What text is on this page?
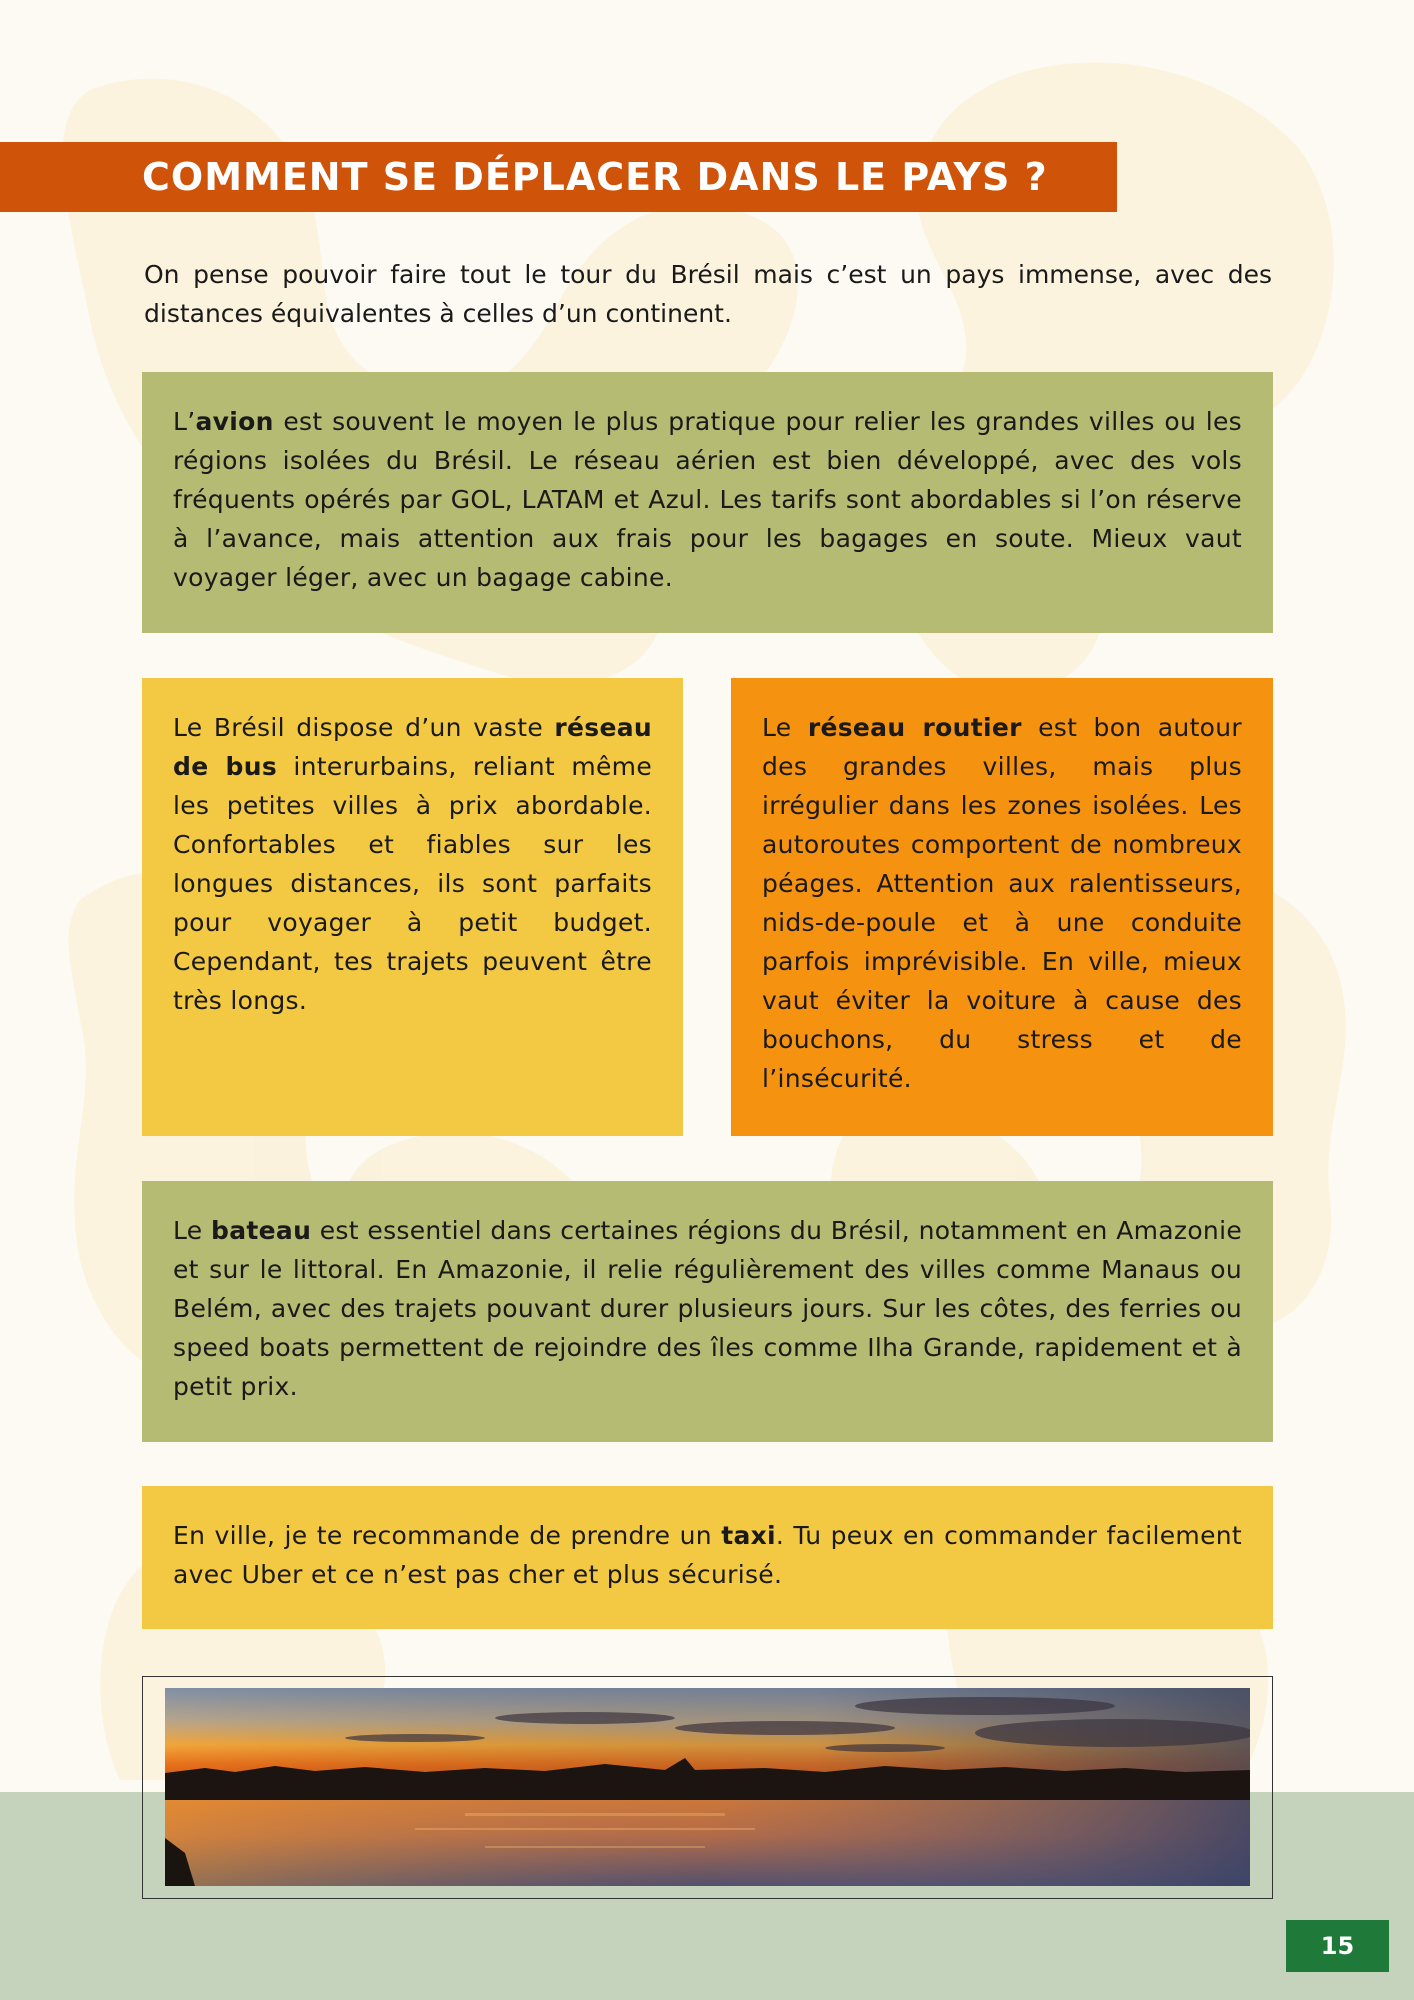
COMMENT SE DÉPLACER DANS LE PAYS ?
On pense pouvoir faire tout le tour du Brésil mais c’est un pays immense, avec des distances équivalentes à celles d’un continent.

L’avion est souvent le moyen le plus pratique pour relier les grandes villes ou les régions isolées du Brésil. Le réseau aérien est bien développé, avec des vols fréquents opérés par GOL, LATAM et Azul. Les tarifs sont abordables si l’on réserve à l’avance, mais attention aux frais pour les bagages en soute. Mieux vaut voyager léger, avec un bagage cabine.

Le Brésil dispose d’un vaste réseau de bus interurbains, reliant même les petites villes à prix abordable. Confortables et fiables sur les longues distances, ils sont parfaits pour voyager à petit budget. Cependant, tes trajets peuvent être très longs.

Le réseau routier est bon autour des grandes villes, mais plus irrégulier dans les zones isolées. Les autoroutes comportent de nombreux péages. Attention aux ralentisseurs, nids-de-poule et à une conduite parfois imprévisible. En ville, mieux vaut éviter la voiture à cause des bouchons, du stress et de l’insécurité.

Le bateau est essentiel dans certaines régions du Brésil, notamment en Amazonie et sur le littoral. En Amazonie, il relie régulièrement des villes comme Manaus ou Belém, avec des trajets pouvant durer plusieurs jours. Sur les côtes, des ferries ou speed boats permettent de rejoindre des îles comme Ilha Grande, rapidement et à petit prix.

En ville, je te recommande de prendre un taxi. Tu peux en commander facilement avec Uber et ce n’est pas cher et plus sécurisé.

15
